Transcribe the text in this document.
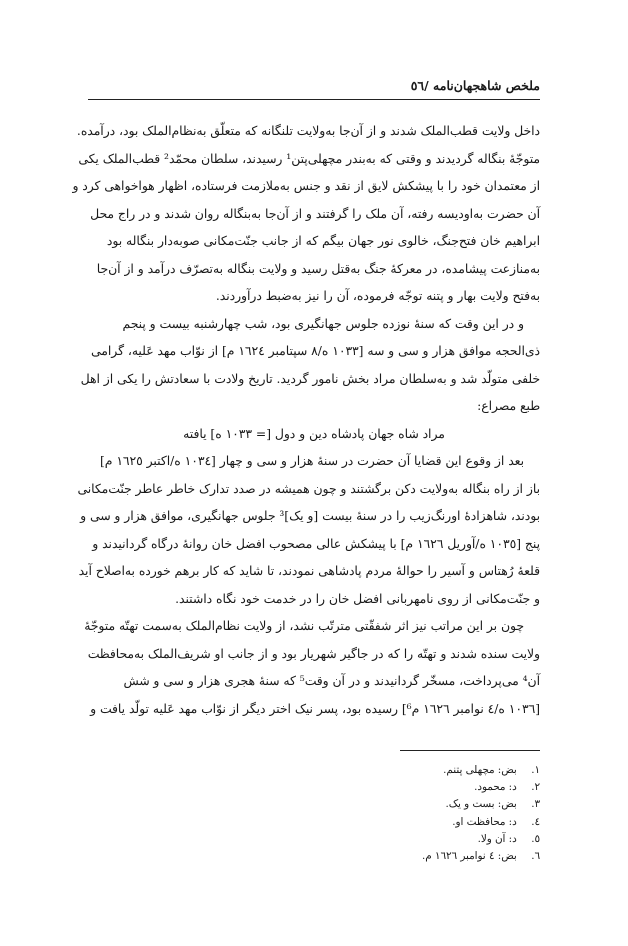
ملخص شاهجهان‌نامه /٥٦
داخل ولایت قطب‌الملک شدند و از آن‌جا به‌ولایت تلنگانه که متعلّق به‌نظام‌الملک بود، درآمده.
متوجّهٔ بنگاله گردیدند و وقتی که به‌بندر مچهلی‌پتن¹ رسیدند، سلطان محمّد² قطب‌الملک یکی
از معتمدان خود را با پیشکش لایق از نقد و جنس به‌ملازمت فرستاده، اظهار هواخواهی کرد و
آن حضرت به‌اودیسه رفته، آن ملک را گرفتند و از آن‌جا به‌بنگاله روان شدند و در راج محل
ابراهیم خان فتح‌جنگ، خالوی نور جهان بیگم که از جانب جنّت‌مکانی صوبه‌دار بنگاله بود
به‌منازعت پیشامده، در معرکهٔ جنگ به‌قتل رسید و ولایت بنگاله به‌تصرّف درآمد و از آن‌جا
به‌فتح ولایت بهار و پتنه توجّه فرموده، آن را نیز به‌ضبط درآوردند.
و در این وقت که سنهٔ نوزده جلوس جهانگیری بود، شب چهارشنبه بیست و پنجم
ذی‌الحجه موافق هزار و سی و سه [١٠٣٣ ه/٨ سپتامبر ١٦٢٤ م] از نوّاب مهد عَلیه، گرامی
خلفی متولّد شد و به‌سلطان مراد بخش نامور گردید. تاریخ ولادت با سعادتش را یکی از اهل
طبع مصراع:
مراد شاه جهان پادشاه دین و دول [= ١٠٣٣ ه] یافته
بعد از وقوع این قضایا آن حضرت در سنهٔ هزار و سی و چهار [١٠٣٤ ه/اکتبر ١٦٢٥ م]
باز از راه بنگاله به‌ولایت دکن برگشتند و چون همیشه در صدد تدارک خاطر عاطر جنّت‌مکانی
بودند، شاهزادهٔ اورنگ‌زیب را در سنهٔ بیست [و یک]³ جلوس جهانگیری، موافق هزار و سی و
پنج [١٠٣٥ ه/آوریل ١٦٢٦ م] با پیشکش عالی مصحوب افضل خان روانهٔ درگاه گردانیدند و
قلعهٔ رُهتاس و آسیر را حوالهٔ مردم پادشاهی نمودند، تا شاید که کار برهم خورده به‌اصلاح آید
و جنّت‌مکانی از روی نامهربانی افضل خان را در خدمت خود نگاه داشتند.
چون بر این مراتب نیز اثر شفقّتی مترتّب نشد، از ولایت نظام‌الملک به‌سمت تهتّه متوجّهٔ
ولایت سنده شدند و تهتّه را که در جاگیر شهریار بود و از جانب او شریف‌الملک به‌محافظت
آن⁴ می‌پرداخت، مسخّر گردانیدند و در آن وقت⁵ که سنهٔ هجری هزار و سی و شش
[١٠٣٦ ه/٤ نوامبر ١٦٢٦ م⁶] رسیده بود، پسر نیک اختر دیگر از نوّاب مهد عَلیه تولّد یافت و
١. بض: مچهلی پتنم.
٢. د: محمود.
٣. بض: بست و یک.
٤. د: محافظت او.
٥. د: آن ولا.
٦. بض: ٤ نوامبر ١٦٢٦ م.
